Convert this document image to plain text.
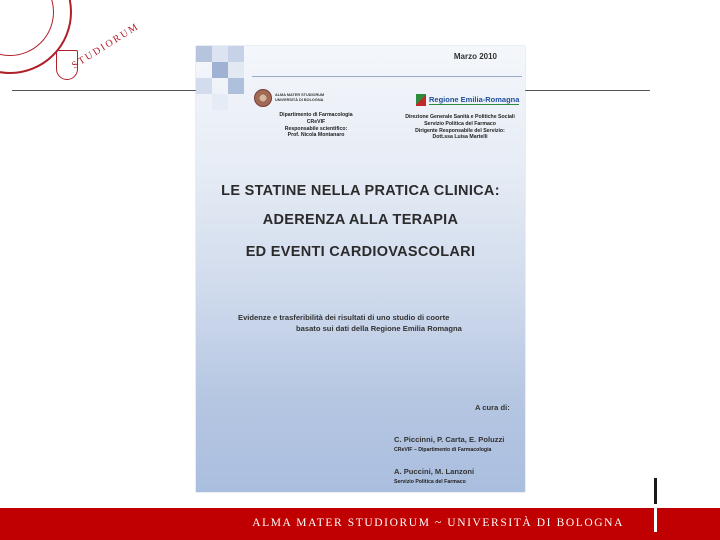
STUDIORUM	Marzo 2010
ALMA MATER STUDIORUM UNIVERSITÀ DI BOLOGNA
Dipartimento di Farmacologia
CReVIF
Responsabile scientifico:
Prof. Nicola Montanaro
Regione Emilia-Romagna
Direzione Generale Sanità e Politiche Sociali
Servizio Politica del Farmaco
Dirigente Responsabile del Servizio:
Dott.ssa Luisa Martelli
LE STATINE NELLA PRATICA CLINICA:
ADERENZA ALLA TERAPIA
ED EVENTI CARDIOVASCOLARI
Evidenze e trasferibilità dei risultati di uno studio di coorte
basato sui dati della Regione Emilia Romagna
A cura di:
C. Piccinni, P. Carta, E. Poluzzi
CReVIF – Dipartimento di Farmacologia
A. Puccini, M. Lanzoni
Servizio Politica del Farmaco
ALMA MATER STUDIORUM ~ UNIVERSITÀ DI BOLOGNA
